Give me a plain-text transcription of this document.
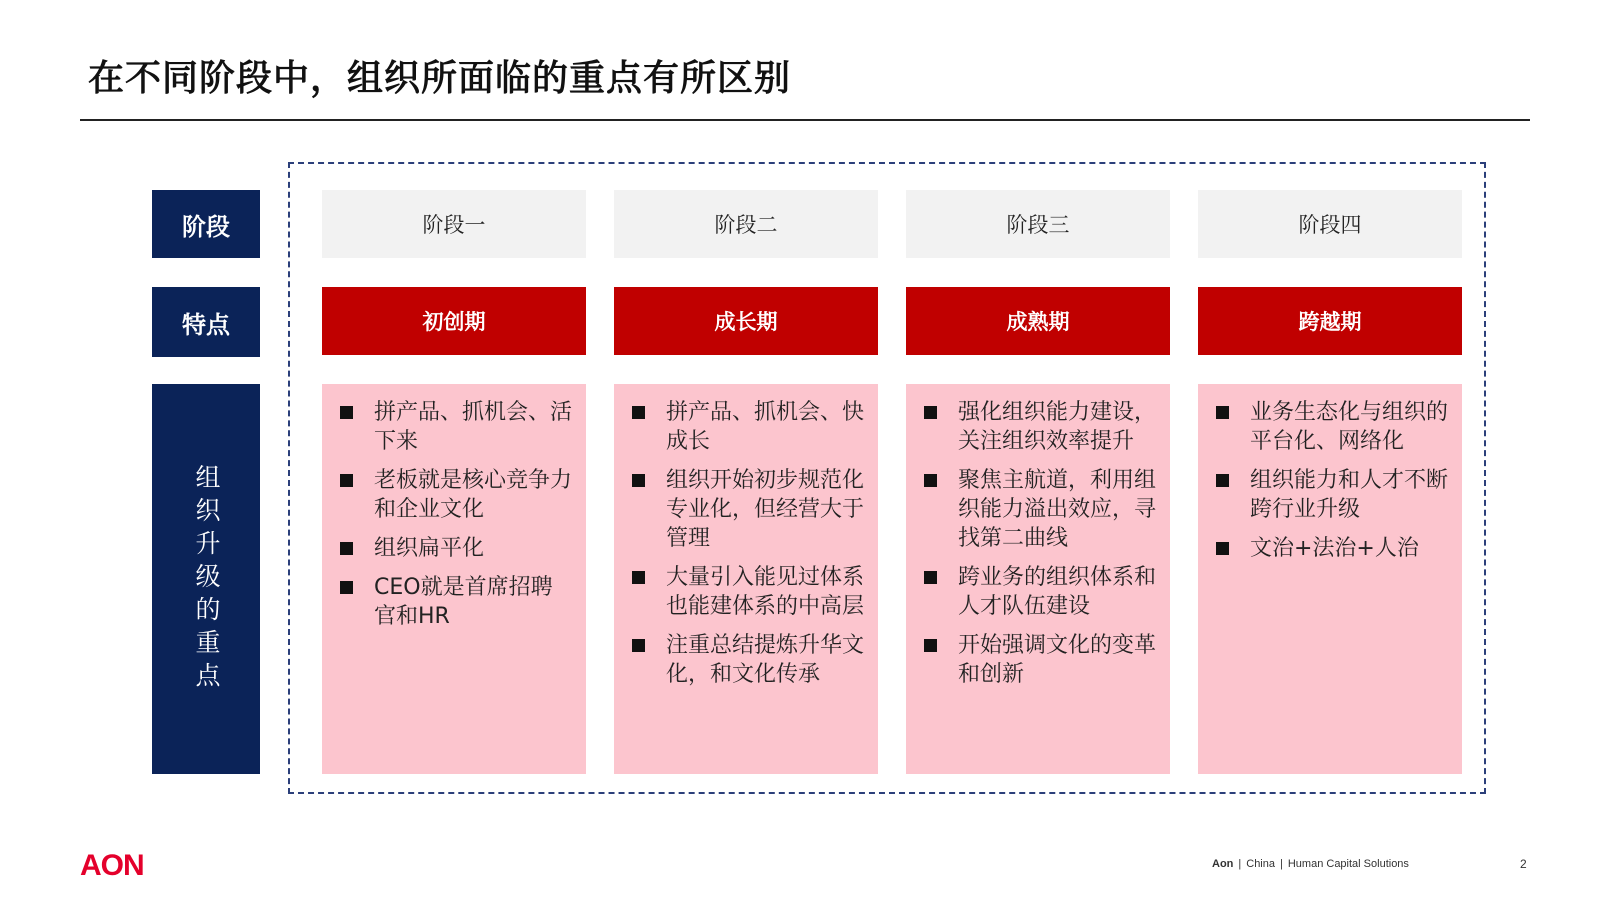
在不同阶段中，组织所面临的重点有所区别
阶段
特点
组织升级的重点
阶段一
初创期
拼产品、抓机会、活下来
老板就是核心竞争力和企业文化
组织扁平化
CEO就是首席招聘官和HR
阶段二
成长期
拼产品、抓机会、快成长
组织开始初步规范化专业化，但经营大于管理
大量引入能见过体系也能建体系的中高层
注重总结提炼升华文化，和文化传承
阶段三
成熟期
强化组织能力建设，关注组织效率提升
聚焦主航道，利用组织能力溢出效应，寻找第二曲线
跨业务的组织体系和人才队伍建设
开始强调文化的变革和创新
阶段四
跨越期
业务生态化与组织的平台化、网络化
组织能力和人才不断跨行业升级
文治+法治+人治
AON	Aon | China | Human Capital Solutions	2
